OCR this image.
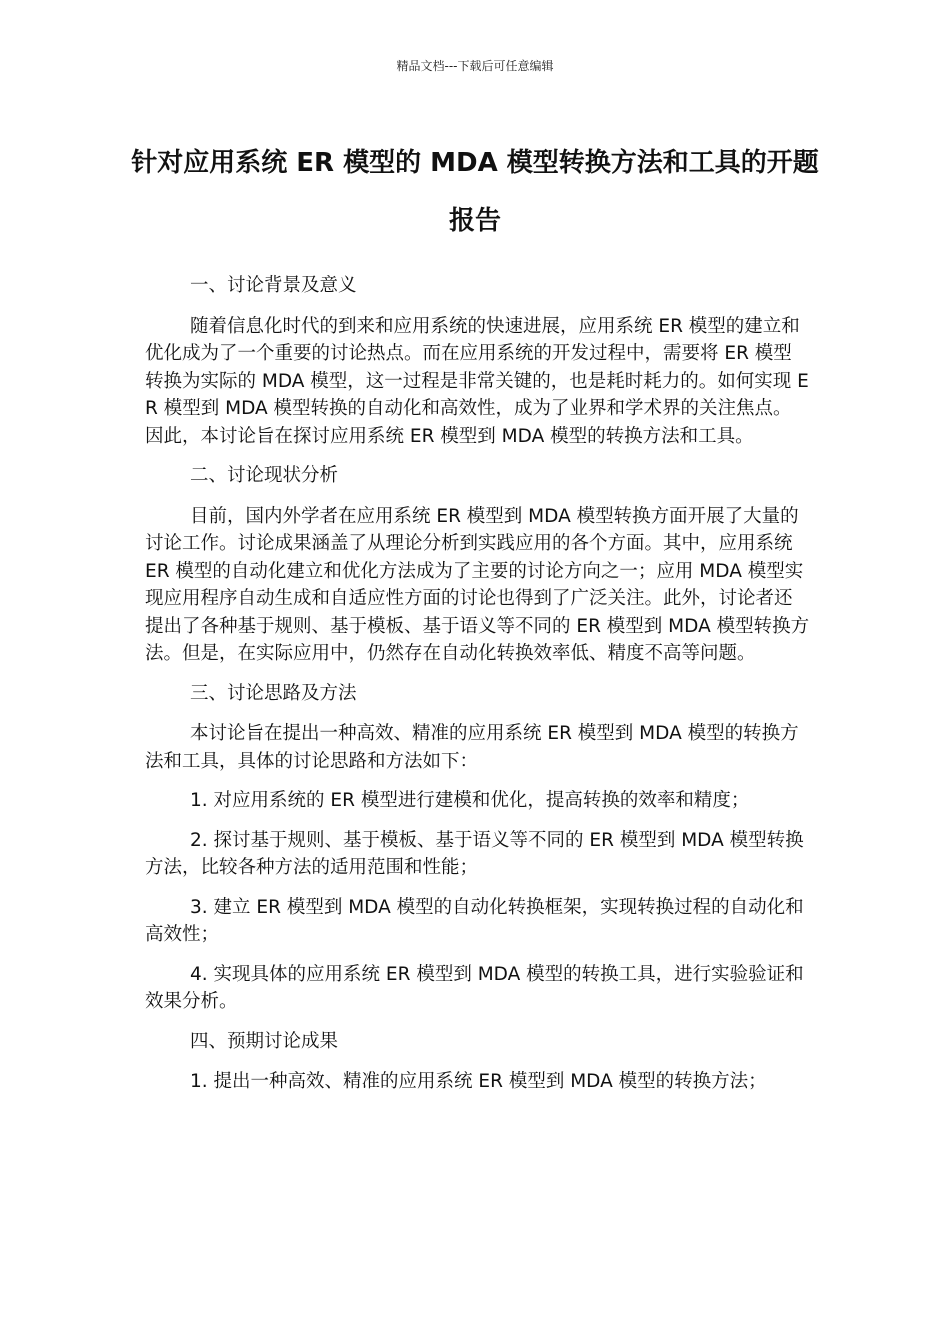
精品文档---下载后可任意编辑
针对应用系统 ER 模型的 MDA 模型转换方法和工具的开题报告

一、讨论背景及意义

随着信息化时代的到来和应用系统的快速进展，应用系统 ER 模型的建立和优化成为了一个重要的讨论热点。而在应用系统的开发过程中，需要将 ER 模型转换为实际的 MDA 模型，这一过程是非常关键的，也是耗时耗力的。如何实现 ER 模型到 MDA 模型转换的自动化和高效性，成为了业界和学术界的关注焦点。因此，本讨论旨在探讨应用系统 ER 模型到 MDA 模型的转换方法和工具。

二、讨论现状分析

目前，国内外学者在应用系统 ER 模型到 MDA 模型转换方面开展了大量的讨论工作。讨论成果涵盖了从理论分析到实践应用的各个方面。其中，应用系统 ER 模型的自动化建立和优化方法成为了主要的讨论方向之一；应用 MDA 模型实现应用程序自动生成和自适应性方面的讨论也得到了广泛关注。此外，讨论者还提出了各种基于规则、基于模板、基于语义等不同的 ER 模型到 MDA 模型转换方法。但是，在实际应用中，仍然存在自动化转换效率低、精度不高等问题。

三、讨论思路及方法

本讨论旨在提出一种高效、精准的应用系统 ER 模型到 MDA 模型的转换方法和工具，具体的讨论思路和方法如下：

1. 对应用系统的 ER 模型进行建模和优化，提高转换的效率和精度；

2. 探讨基于规则、基于模板、基于语义等不同的 ER 模型到 MDA 模型转换方法，比较各种方法的适用范围和性能；

3. 建立 ER 模型到 MDA 模型的自动化转换框架，实现转换过程的自动化和高效性；

4. 实现具体的应用系统 ER 模型到 MDA 模型的转换工具，进行实验验证和效果分析。

四、预期讨论成果

1. 提出一种高效、精准的应用系统 ER 模型到 MDA 模型的转换方法；
